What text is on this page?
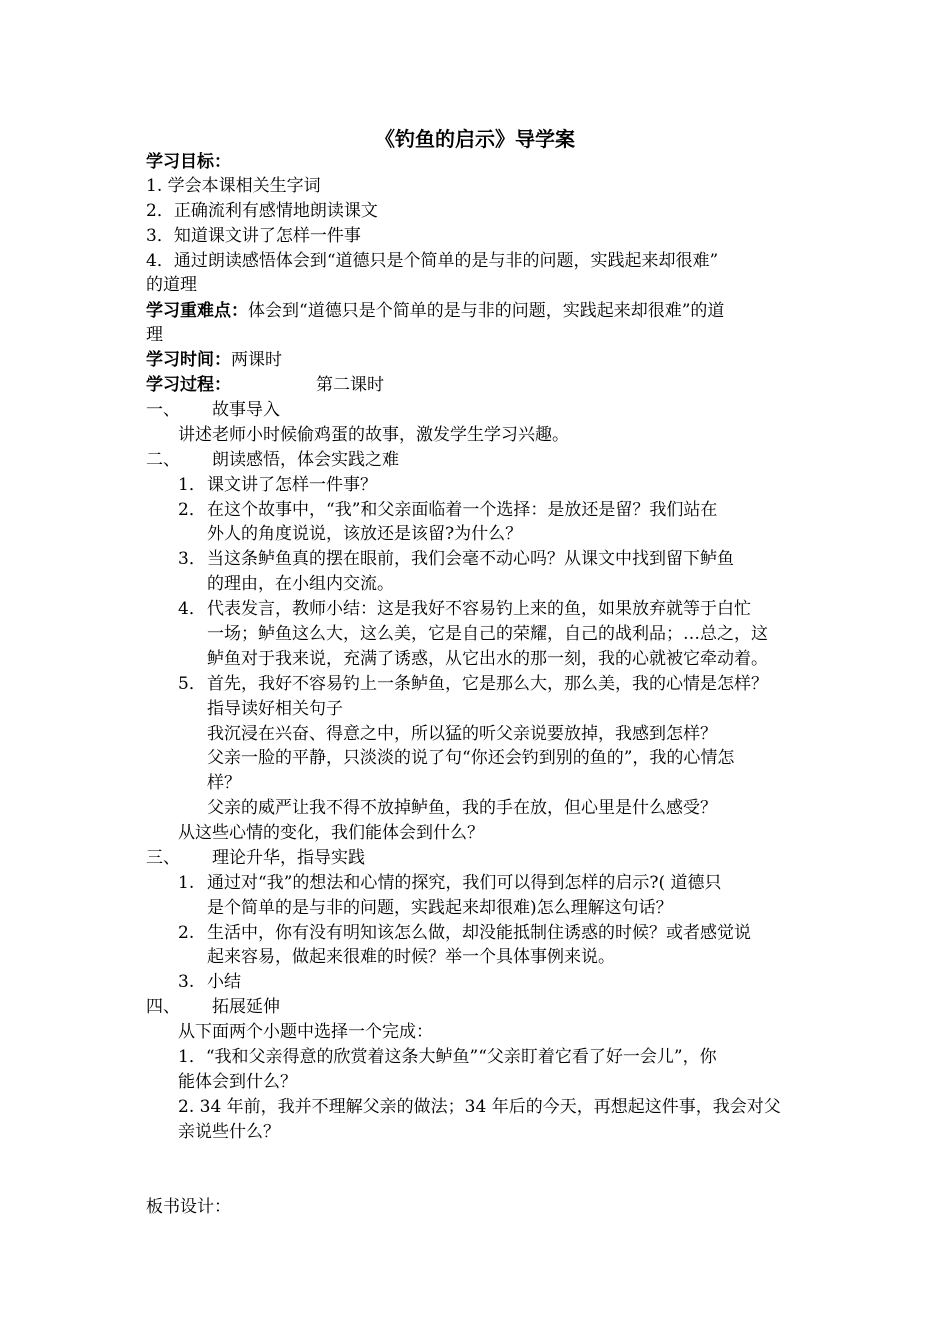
《钓鱼的启示》导学案
学习目标：
1. 学会本课相关生字词
2．正确流利有感情地朗读课文
3．知道课文讲了怎样一件事
4．通过朗读感悟体会到“道德只是个简单的是与非的问题，实践起来却很难”
的道理
学习重难点：体会到“道德只是个简单的是与非的问题，实践起来却很难”的道
理
学习时间：两课时
学习过程：	第二课时
一、 故事导入
讲述老师小时候偷鸡蛋的故事，激发学生学习兴趣。
二、 朗读感悟，体会实践之难
1． 课文讲了怎样一件事？
2． 在这个故事中，“我”和父亲面临着一个选择：是放还是留？我们站在
外人的角度说说，该放还是该留?为什么？
3． 当这条鲈鱼真的摆在眼前，我们会毫不动心吗？从课文中找到留下鲈鱼
的理由，在小组内交流。
4． 代表发言，教师小结：这是我好不容易钓上来的鱼，如果放弃就等于白忙
一场；鲈鱼这么大，这么美，它是自己的荣耀，自己的战利品；…总之，这
鲈鱼对于我来说，充满了诱惑，从它出水的那一刻，我的心就被它牵动着。
5． 首先，我好不容易钓上一条鲈鱼，它是那么大，那么美，我的心情是怎样？
指导读好相关句子
我沉浸在兴奋、得意之中，所以猛的听父亲说要放掉，我感到怎样？
父亲一脸的平静，只淡淡的说了句“你还会钓到别的鱼的”，我的心情怎
样？
父亲的威严让我不得不放掉鲈鱼，我的手在放，但心里是什么感受？
从这些心情的变化，我们能体会到什么？
三、 理论升华，指导实践
1. 通过对“我”的想法和心情的探究，我们可以得到怎样的启示?( 道德只
是个简单的是与非的问题，实践起来却很难)怎么理解这句话？
2. 生活中，你有没有明知该怎么做，却没能抵制住诱惑的时候？或者感觉说
起来容易，做起来很难的时候？举一个具体事例来说。
3. 小结
四、 拓展延伸
从下面两个小题中选择一个完成：
1．“我和父亲得意的欣赏着这条大鲈鱼”“父亲盯着它看了好一会儿”，你
能体会到什么？
2. 34 年前，我并不理解父亲的做法；34 年后的今天，再想起这件事，我会对父
亲说些什么？
板书设计：
